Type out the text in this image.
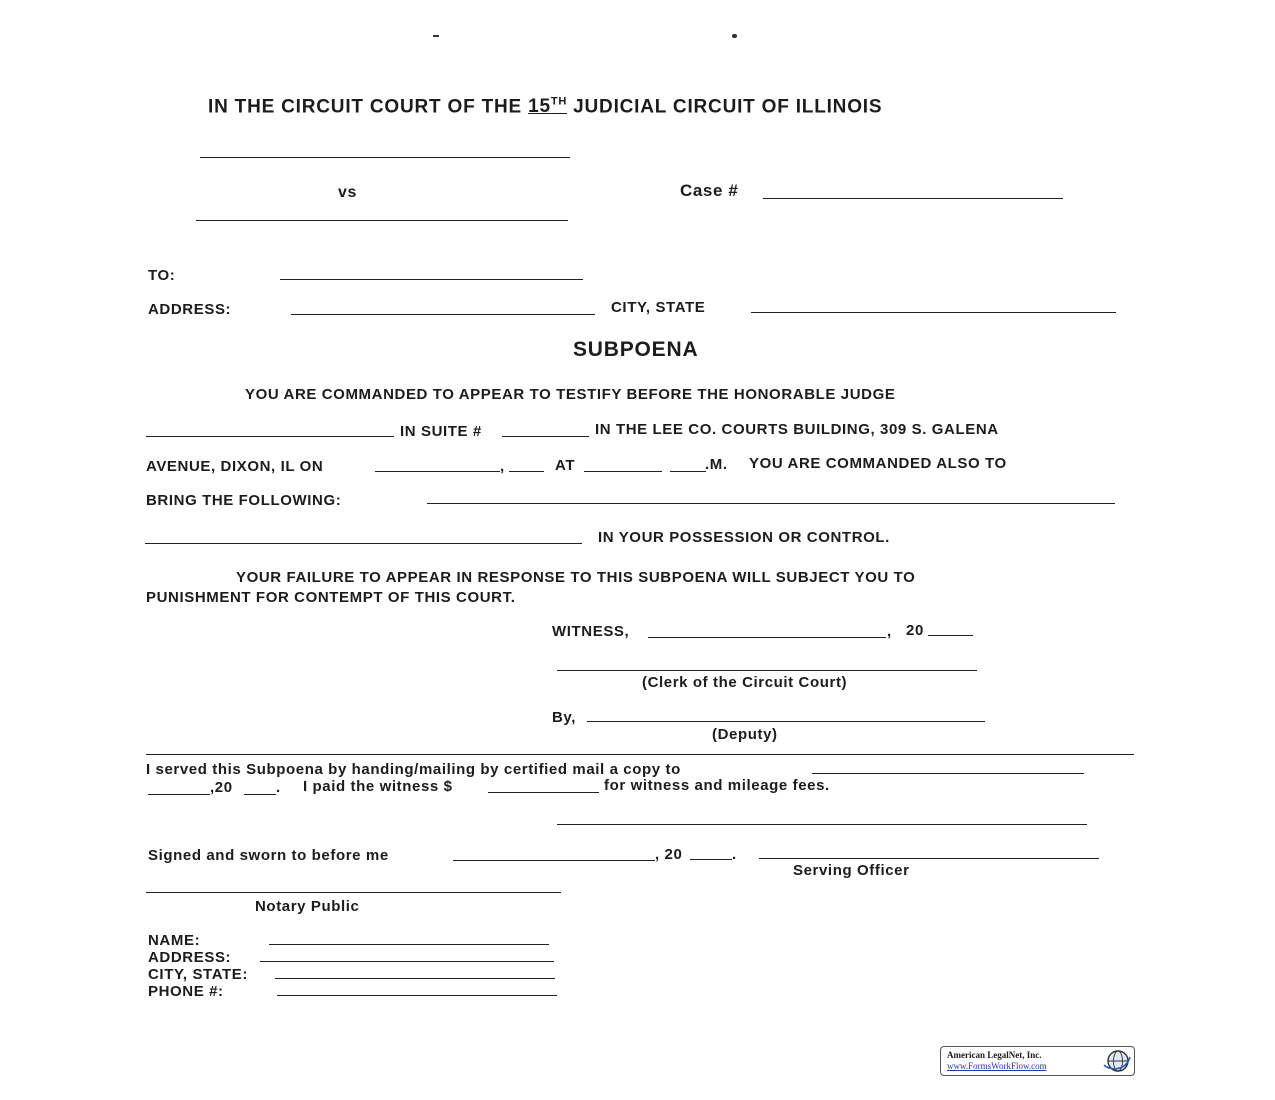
IN THE CIRCUIT COURT OF THE 15TH JUDICIAL CIRCUIT OF ILLINOIS
vs	Case #
TO:
ADDRESS:	CITY, STATE
SUBPOENA
YOU ARE COMMANDED TO APPEAR TO TESTIFY BEFORE THE HONORABLE JUDGE
IN SUITE #	IN THE LEE CO. COURTS BUILDING, 309 S. GALENA
AVENUE, DIXON, IL ON	,	AT	.M. YOU ARE COMMANDED ALSO TO
BRING THE FOLLOWING:
IN YOUR POSSESSION OR CONTROL.
YOUR FAILURE TO APPEAR IN RESPONSE TO THIS SUBPOENA WILL SUBJECT YOU TO
PUNISHMENT FOR CONTEMPT OF THIS COURT.
WITNESS,	, 20
(Clerk of the Circuit Court)
By,
(Deputy)
I served this Subpoena by handing/mailing by certified mail a copy to
,20	. I paid the witness $	for witness and mileage fees.
Signed and sworn to before me	, 20	.
Serving Officer
Notary Public
NAME:
ADDRESS:
CITY, STATE:
PHONE #:
American LegalNet, Inc.
www.FormsWorkFlow.com
